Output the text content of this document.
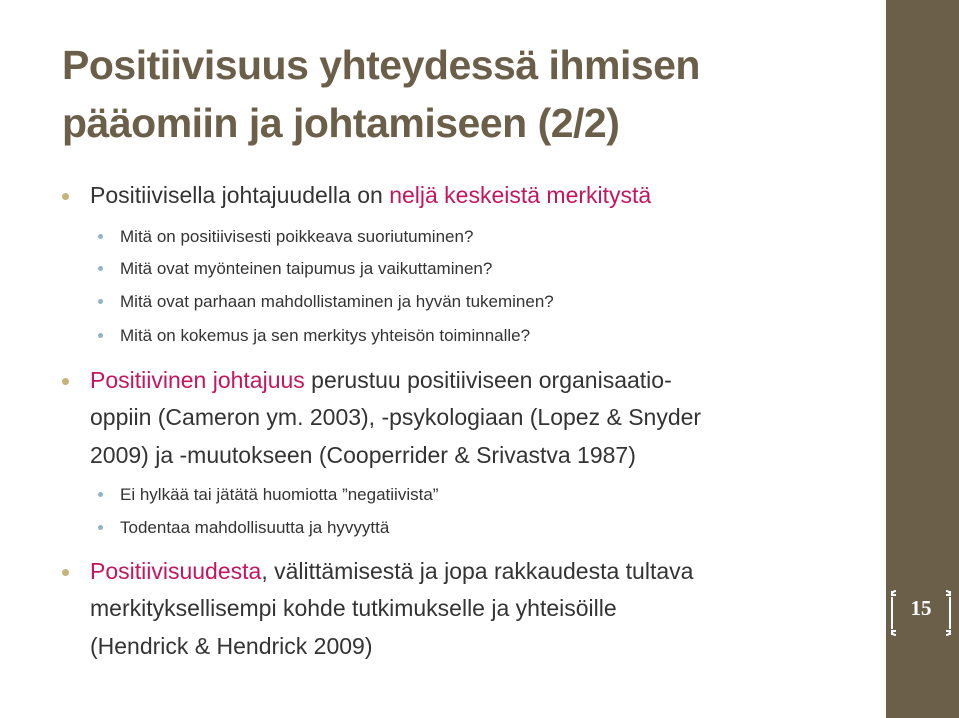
Positiivisuus yhteydessä ihmisen
pääomiin ja johtamiseen (2/2)
Positiivisella johtajuudella on neljä keskeistä merkitystä
Mitä on positiivisesti poikkeava suoriutuminen?
Mitä ovat myönteinen taipumus ja vaikuttaminen?
Mitä ovat parhaan mahdollistaminen ja hyvän tukeminen?
Mitä on kokemus ja sen merkitys yhteisön toiminnalle?
Positiivinen johtajuus perustuu positiiviseen organisaatio-
oppiin (Cameron ym. 2003), -psykologiaan (Lopez & Snyder
2009) ja -muutokseen (Cooperrider & Srivastva 1987)
Ei hylkää tai jätätä huomiotta ”negatiivista”
Todentaa mahdollisuutta ja hyvyyttä
Positiivisuudesta, välittämisestä ja jopa rakkaudesta tultava
merkityksellisempi kohde tutkimukselle ja yhteisöille
(Hendrick & Hendrick 2009)
15
